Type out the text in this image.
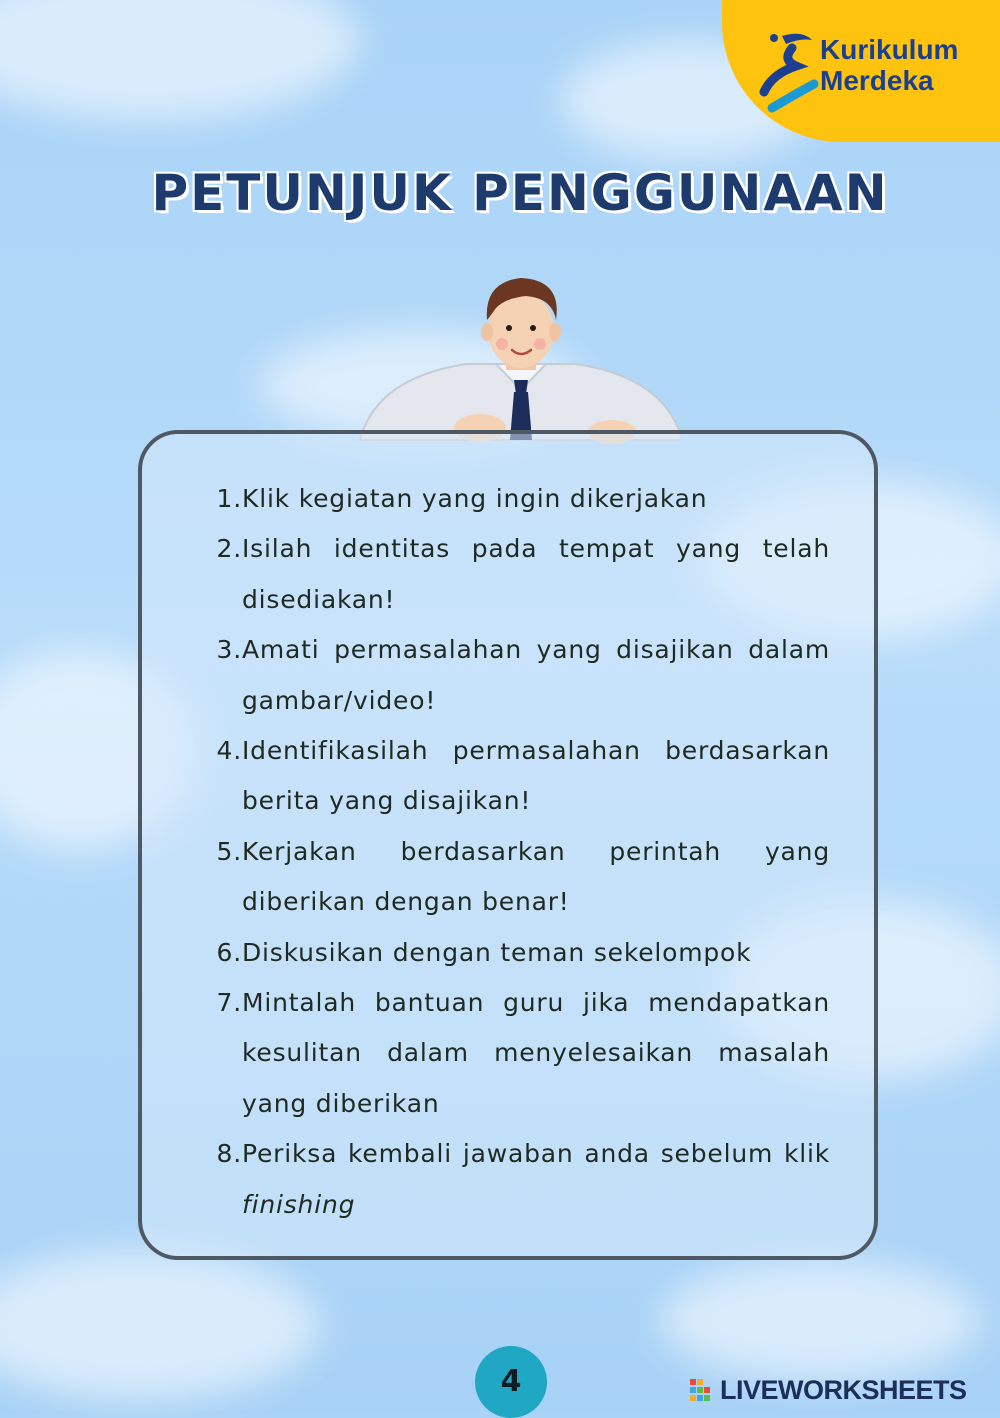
Kurikulum
Merdeka
PETUNJUK PENGGUNAAN
1. Klik kegiatan yang ingin dikerjakan
2. Isilah identitas pada tempat yang telah disediakan!
3. Amati permasalahan yang disajikan dalam gambar/video!
4. Identifikasilah permasalahan berdasarkan berita yang disajikan!
5. Kerjakan berdasarkan perintah yang diberikan dengan benar!
6. Diskusikan dengan teman sekelompok
7. Mintalah bantuan guru jika mendapatkan kesulitan dalam menyelesaikan masalah yang diberikan
8. Periksa kembali jawaban anda sebelum klik finishing
4	LIVEWORKSHEETS
